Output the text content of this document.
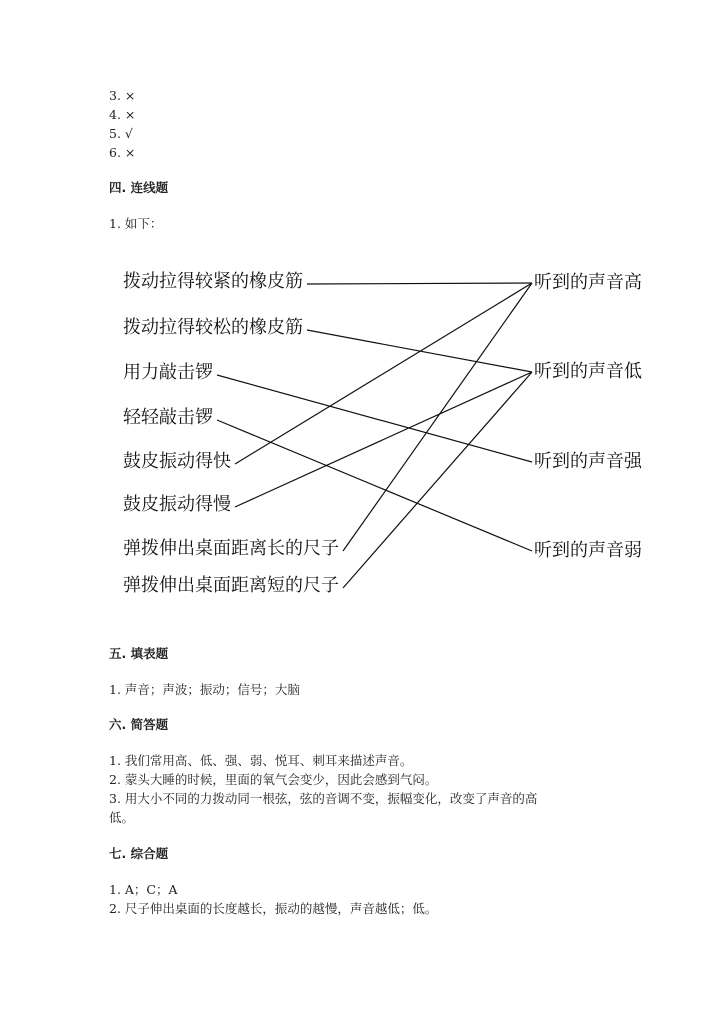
3. ×
4. ×
5. √
6. ×
四. 连线题
1. 如下：
拨动拉得较紧的橡皮筋
拨动拉得较松的橡皮筋
用力敲击锣
轻轻敲击锣
鼓皮振动得快
鼓皮振动得慢
弹拨伸出桌面距离长的尺子
弹拨伸出桌面距离短的尺子
听到的声音高
听到的声音低
听到的声音强
听到的声音弱
五. 填表题
1. 声音；声波；振动；信号；大脑
六. 简答题
1. 我们常用高、低、强、弱、悦耳、刺耳来描述声音。
2. 蒙头大睡的时候，里面的氧气会变少，因此会感到气闷。
3. 用大小不同的力拨动同一根弦，弦的音调不变，振幅变化，改变了声音的高
低。
七. 综合题
1. A；C；A
2. 尺子伸出桌面的长度越长，振动的越慢，声音越低；低。
